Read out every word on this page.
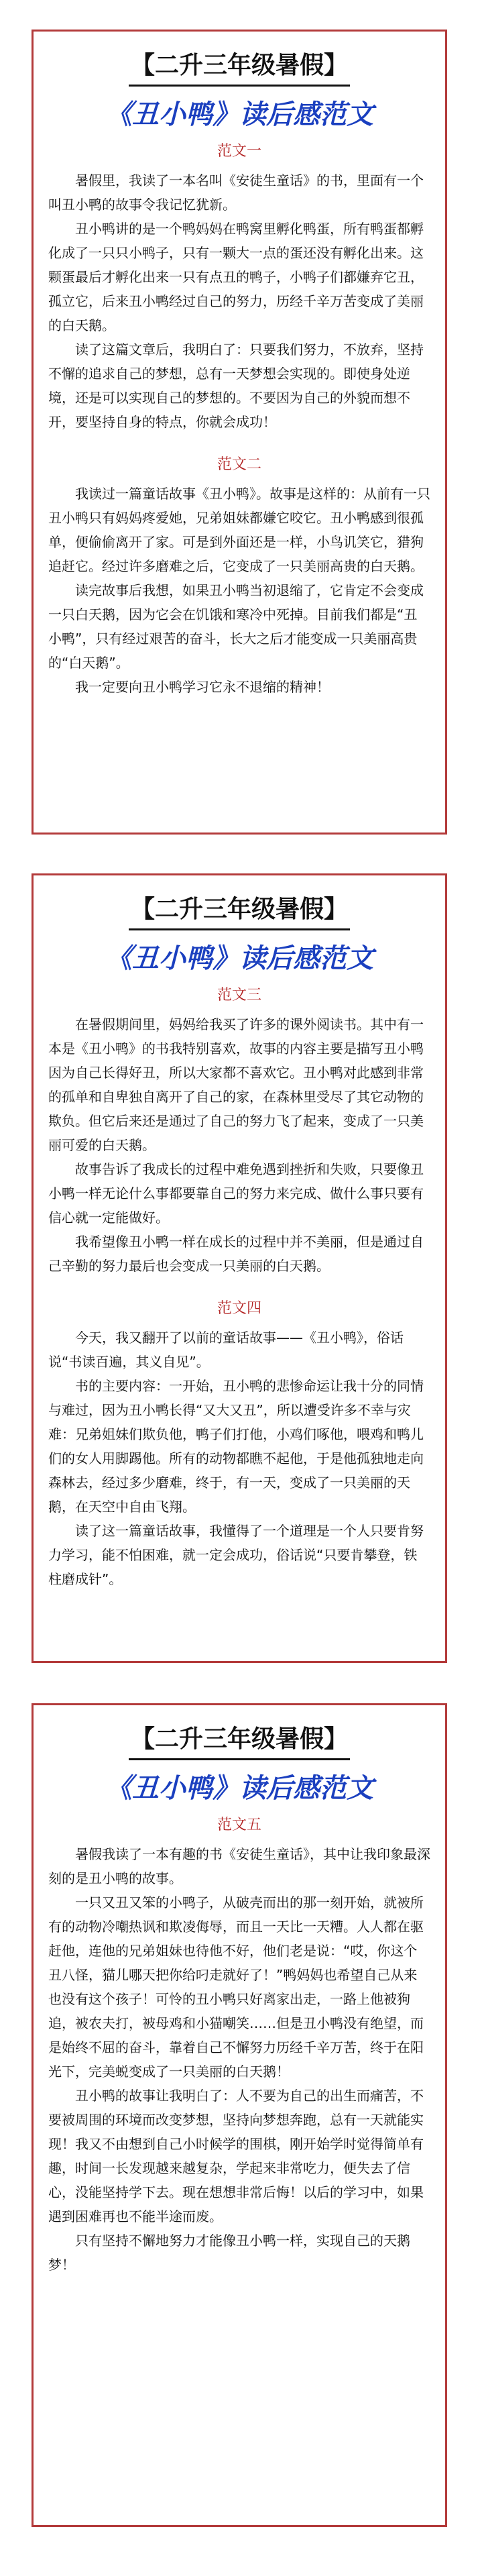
【二升三年级暑假】
《丑小鸭》读后感范文
范文一

暑假里，我读了一本名叫《安徒生童话》的书，里面有一个叫丑小鸭的故事令我记忆犹新。

丑小鸭讲的是一个鸭妈妈在鸭窝里孵化鸭蛋，所有鸭蛋都孵化成了一只只小鸭子，只有一颗大一点的蛋还没有孵化出来。这颗蛋最后才孵化出来一只有点丑的鸭子，小鸭子们都嫌弃它丑，孤立它，后来丑小鸭经过自己的努力，历经千辛万苦变成了美丽的白天鹅。

读了这篇文章后，我明白了：只要我们努力，不放弃，坚持不懈的追求自己的梦想，总有一天梦想会实现的。即使身处逆境，还是可以实现自己的梦想的。不要因为自己的外貌而想不开，要坚持自身的特点，你就会成功！

范文二

我读过一篇童话故事《丑小鸭》。故事是这样的：从前有一只丑小鸭只有妈妈疼爱她，兄弟姐妹都嫌它咬它。丑小鸭感到很孤单，便偷偷离开了家。可是到外面还是一样，小鸟讥笑它，猎狗追赶它。经过许多磨难之后，它变成了一只美丽高贵的白天鹅。

读完故事后我想，如果丑小鸭当初退缩了，它肯定不会变成一只白天鹅，因为它会在饥饿和寒冷中死掉。目前我们都是“丑小鸭”，只有经过艰苦的奋斗，长大之后才能变成一只美丽高贵的“白天鹅”。

我一定要向丑小鸭学习它永不退缩的精神！

【二升三年级暑假】
《丑小鸭》读后感范文
范文三

在暑假期间里，妈妈给我买了许多的课外阅读书。其中有一本是《丑小鸭》的书我特别喜欢，故事的内容主要是描写丑小鸭因为自己长得好丑，所以大家都不喜欢它。丑小鸭对此感到非常的孤单和自卑独自离开了自己的家，在森林里受尽了其它动物的欺负。但它后来还是通过了自己的努力飞了起来，变成了一只美丽可爱的白天鹅。

故事告诉了我成长的过程中难免遇到挫折和失败，只要像丑小鸭一样无论什么事都要靠自己的努力来完成、做什么事只要有信心就一定能做好。

我希望像丑小鸭一样在成长的过程中并不美丽，但是通过自己辛勤的努力最后也会变成一只美丽的白天鹅。

范文四

今天，我又翻开了以前的童话故事——《丑小鸭》，俗话说“书读百遍，其义自见”。

书的主要内容：一开始，丑小鸭的悲惨命运让我十分的同情与难过，因为丑小鸭长得“又大又丑”，所以遭受许多不幸与灾难：兄弟姐妹们欺负他，鸭子们打他，小鸡们啄他，喂鸡和鸭儿们的女人用脚踢他。所有的动物都瞧不起他，于是他孤独地走向森林去，经过多少磨难，终于，有一天，变成了一只美丽的天鹅，在天空中自由飞翔。

读了这一篇童话故事，我懂得了一个道理是一个人只要肯努力学习，能不怕困难，就一定会成功，俗话说“只要肯攀登，铁柱磨成针”。

【二升三年级暑假】
《丑小鸭》读后感范文
范文五

暑假我读了一本有趣的书《安徒生童话》，其中让我印象最深刻的是丑小鸭的故事。

一只又丑又笨的小鸭子，从破壳而出的那一刻开始，就被所有的动物冷嘲热讽和欺凌侮辱，而且一天比一天糟。人人都在驱赶他，连他的兄弟姐妹也待他不好，他们老是说：“哎，你这个丑八怪，猫儿哪天把你给叼走就好了！”鸭妈妈也希望自己从来也没有这个孩子！可怜的丑小鸭只好离家出走，一路上他被狗追，被农夫打，被母鸡和小猫嘲笑……但是丑小鸭没有绝望，而是始终不屈的奋斗，靠着自己不懈努力历经千辛万苦，终于在阳光下，完美蜕变成了一只美丽的白天鹅！

丑小鸭的故事让我明白了：人不要为自己的出生而痛苦，不要被周围的环境而改变梦想，坚持向梦想奔跑，总有一天就能实现！我又不由想到自己小时候学的围棋，刚开始学时觉得简单有趣，时间一长发现越来越复杂，学起来非常吃力，便失去了信心，没能坚持学下去。现在想想非常后悔！以后的学习中，如果遇到困难再也不能半途而废。

只有坚持不懈地努力才能像丑小鸭一样，实现自己的天鹅梦！
